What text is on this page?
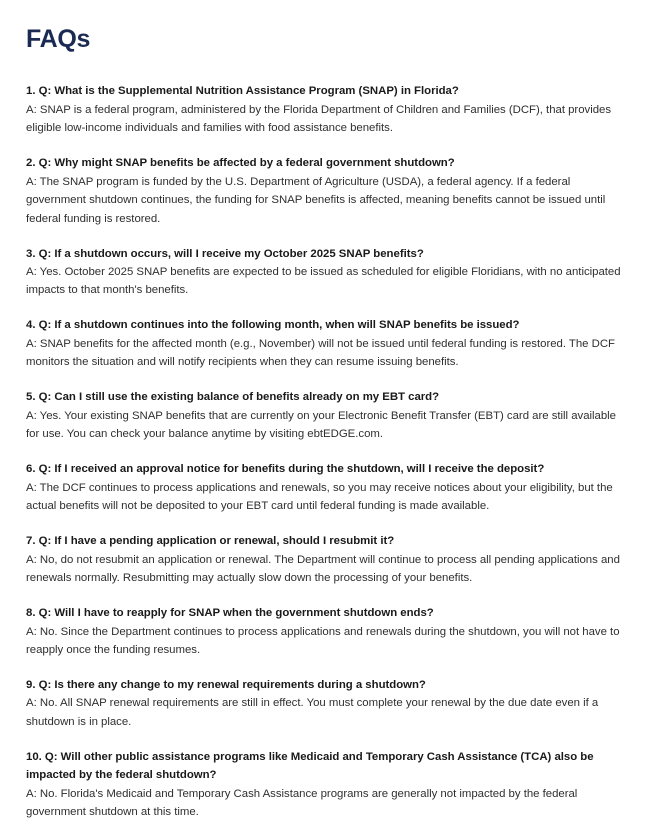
FAQs

1. Q: What is the Supplemental Nutrition Assistance Program (SNAP) in Florida?

A: SNAP is a federal program, administered by the Florida Department of Children and Families (DCF), that provides eligible low-income individuals and families with food assistance benefits.

2. Q: Why might SNAP benefits be affected by a federal government shutdown?

A: The SNAP program is funded by the U.S. Department of Agriculture (USDA), a federal agency. If a federal government shutdown continues, the funding for SNAP benefits is affected, meaning benefits cannot be issued until federal funding is restored.

3. Q: If a shutdown occurs, will I receive my October 2025 SNAP benefits?

A: Yes. October 2025 SNAP benefits are expected to be issued as scheduled for eligible Floridians, with no anticipated impacts to that month's benefits.

4. Q: If a shutdown continues into the following month, when will SNAP benefits be issued?

A: SNAP benefits for the affected month (e.g., November) will not be issued until federal funding is restored. The DCF monitors the situation and will notify recipients when they can resume issuing benefits.

5. Q: Can I still use the existing balance of benefits already on my EBT card?

A: Yes. Your existing SNAP benefits that are currently on your Electronic Benefit Transfer (EBT) card are still available for use. You can check your balance anytime by visiting ebtEDGE.com.

6. Q: If I received an approval notice for benefits during the shutdown, will I receive the deposit?

A: The DCF continues to process applications and renewals, so you may receive notices about your eligibility, but the actual benefits will not be deposited to your EBT card until federal funding is made available.

7. Q: If I have a pending application or renewal, should I resubmit it?

A: No, do not resubmit an application or renewal. The Department will continue to process all pending applications and renewals normally. Resubmitting may actually slow down the processing of your benefits.

8. Q: Will I have to reapply for SNAP when the government shutdown ends?

A: No. Since the Department continues to process applications and renewals during the shutdown, you will not have to reapply once the funding resumes.

9. Q: Is there any change to my renewal requirements during a shutdown?

A: No. All SNAP renewal requirements are still in effect. You must complete your renewal by the due date even if a shutdown is in place.

10. Q: Will other public assistance programs like Medicaid and Temporary Cash Assistance (TCA) also be impacted by the federal shutdown?

A: No. Florida's Medicaid and Temporary Cash Assistance programs are generally not impacted by the federal government shutdown at this time.
